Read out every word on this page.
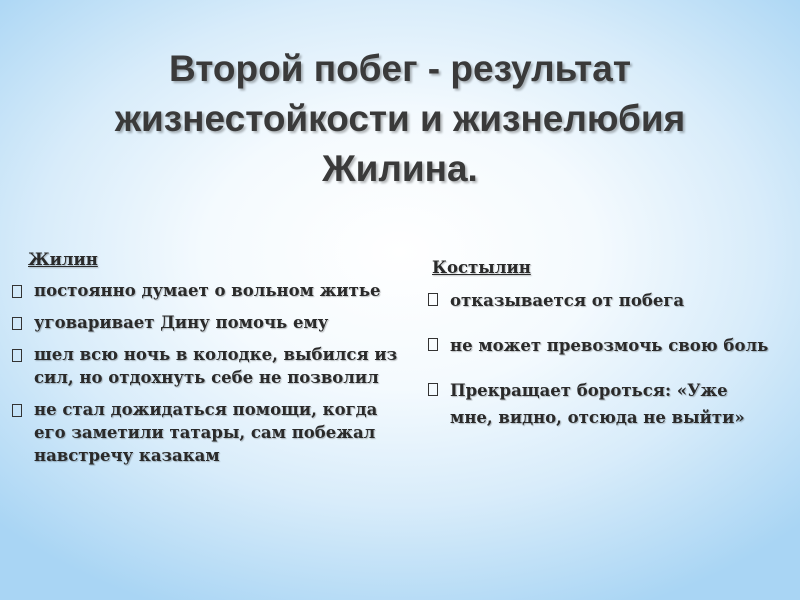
Второй побег - результат
жизнестойкости и жизнелюбия
Жилина.
Жилин
постоянно думает о вольном житье
уговаривает Дину помочь ему
шел всю ночь в колодке, выбился из сил, но отдохнуть себе не позволил
не стал дожидаться помощи, когда его заметили татары, сам побежал навстречу казакам
Костылин
отказывается от побега
не может превозмочь свою боль
Прекращает бороться: «Уже мне, видно, отсюда не выйти»
